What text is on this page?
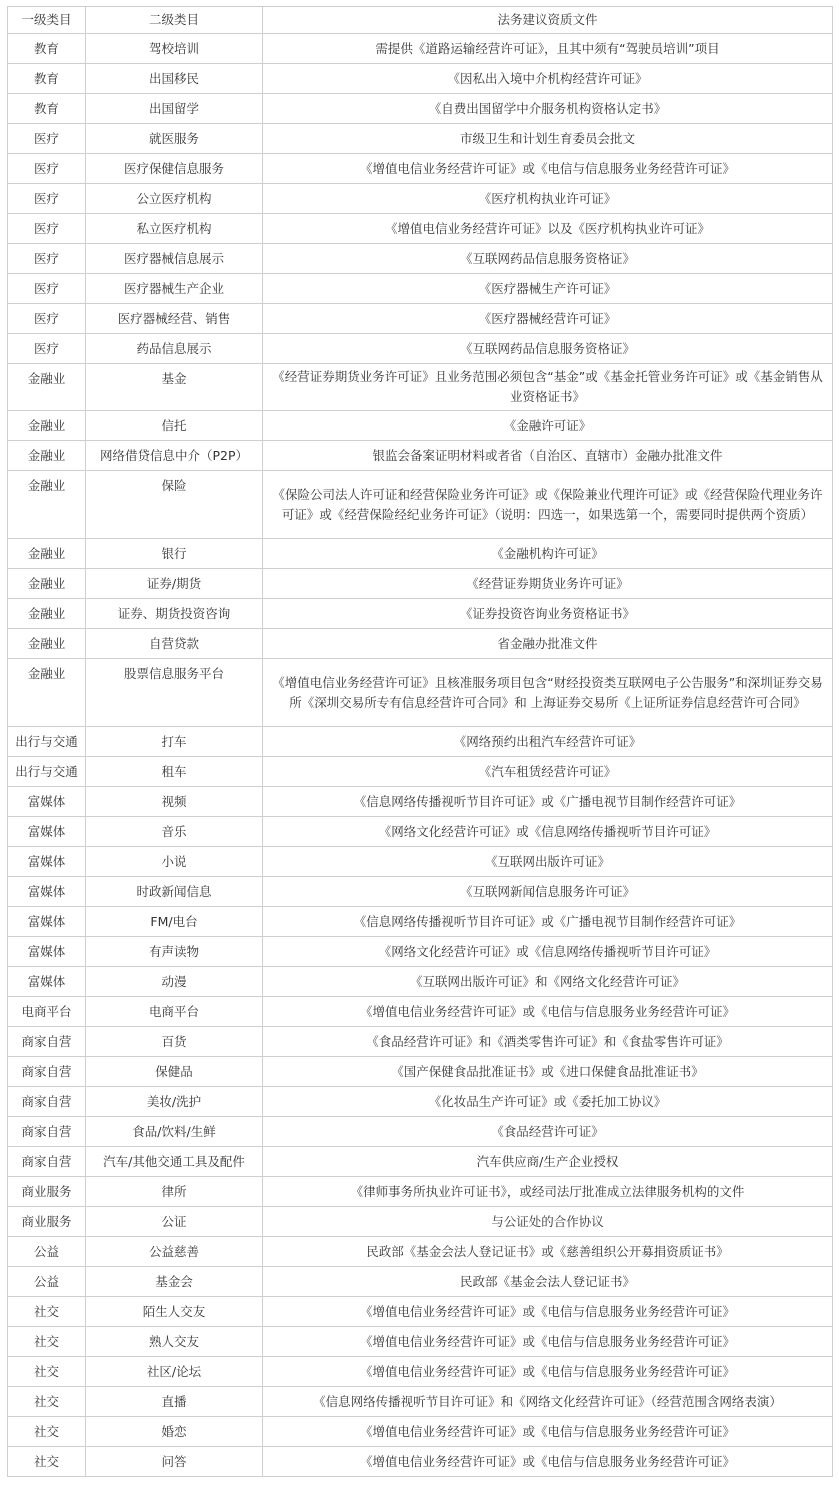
一级类目	二级类目	法务建议资质文件
教育	驾校培训	需提供《道路运输经营许可证》，且其中须有“驾驶员培训”项目
教育	出国移民	《因私出入境中介机构经营许可证》
教育	出国留学	《自费出国留学中介服务机构资格认定书》
医疗	就医服务	市级卫生和计划生育委员会批文
医疗	医疗保健信息服务	《增值电信业务经营许可证》或《电信与信息服务业务经营许可证》
医疗	公立医疗机构	《医疗机构执业许可证》
医疗	私立医疗机构	《增值电信业务经营许可证》以及《医疗机构执业许可证》
医疗	医疗器械信息展示	《互联网药品信息服务资格证》
医疗	医疗器械生产企业	《医疗器械生产许可证》
医疗	医疗器械经营、销售	《医疗器械经营许可证》
医疗	药品信息展示	《互联网药品信息服务资格证》
金融业	基金	《经营证券期货业务许可证》且业务范围必须包含“基金”或《基金托管业务许可证》或《基金销售从业资格证书》
金融业	信托	《金融许可证》
金融业	网络借贷信息中介（P2P）	银监会备案证明材料或者省（自治区、直辖市）金融办批准文件
金融业	保险	《保险公司法人许可证和经营保险业务许可证》或《保险兼业代理许可证》或《经营保险代理业务许可证》或《经营保险经纪业务许可证》（说明：四选一，如果选第一个，需要同时提供两个资质）
金融业	银行	《金融机构许可证》
金融业	证券/期货	《经营证券期货业务许可证》
金融业	证券、期货投资咨询	《证券投资咨询业务资格证书》
金融业	自营贷款	省金融办批准文件
金融业	股票信息服务平台	《增值电信业务经营许可证》且核准服务项目包含“财经投资类互联网电子公告服务”和深圳证券交易所《深圳交易所专有信息经营许可合同》和 上海证券交易所《上证所证券信息经营许可合同》
出行与交通	打车	《网络预约出租汽车经营许可证》
出行与交通	租车	《汽车租赁经营许可证》
富媒体	视频	《信息网络传播视听节目许可证》或《广播电视节目制作经营许可证》
富媒体	音乐	《网络文化经营许可证》或《信息网络传播视听节目许可证》
富媒体	小说	《互联网出版许可证》
富媒体	时政新闻信息	《互联网新闻信息服务许可证》
富媒体	FM/电台	《信息网络传播视听节目许可证》或《广播电视节目制作经营许可证》
富媒体	有声读物	《网络文化经营许可证》或《信息网络传播视听节目许可证》
富媒体	动漫	《互联网出版许可证》和《网络文化经营许可证》
电商平台	电商平台	《增值电信业务经营许可证》或《电信与信息服务业务经营许可证》
商家自营	百货	《食品经营许可证》和《酒类零售许可证》和《食盐零售许可证》
商家自营	保健品	《国产保健食品批准证书》或《进口保健食品批准证书》
商家自营	美妆/洗护	《化妆品生产许可证》或《委托加工协议》
商家自营	食品/饮料/生鲜	《食品经营许可证》
商家自营	汽车/其他交通工具及配件	汽车供应商/生产企业授权
商业服务	律所	《律师事务所执业许可证书》，或经司法厅批准成立法律服务机构的文件
商业服务	公证	与公证处的合作协议
公益	公益慈善	民政部《基金会法人登记证书》或《慈善组织公开募捐资质证书》
公益	基金会	民政部《基金会法人登记证书》
社交	陌生人交友	《增值电信业务经营许可证》或《电信与信息服务业务经营许可证》
社交	熟人交友	《增值电信业务经营许可证》或《电信与信息服务业务经营许可证》
社交	社区/论坛	《增值电信业务经营许可证》或《电信与信息服务业务经营许可证》
社交	直播	《信息网络传播视听节目许可证》和《网络文化经营许可证》（经营范围含网络表演）
社交	婚恋	《增值电信业务经营许可证》或《电信与信息服务业务经营许可证》
社交	问答	《增值电信业务经营许可证》或《电信与信息服务业务经营许可证》
